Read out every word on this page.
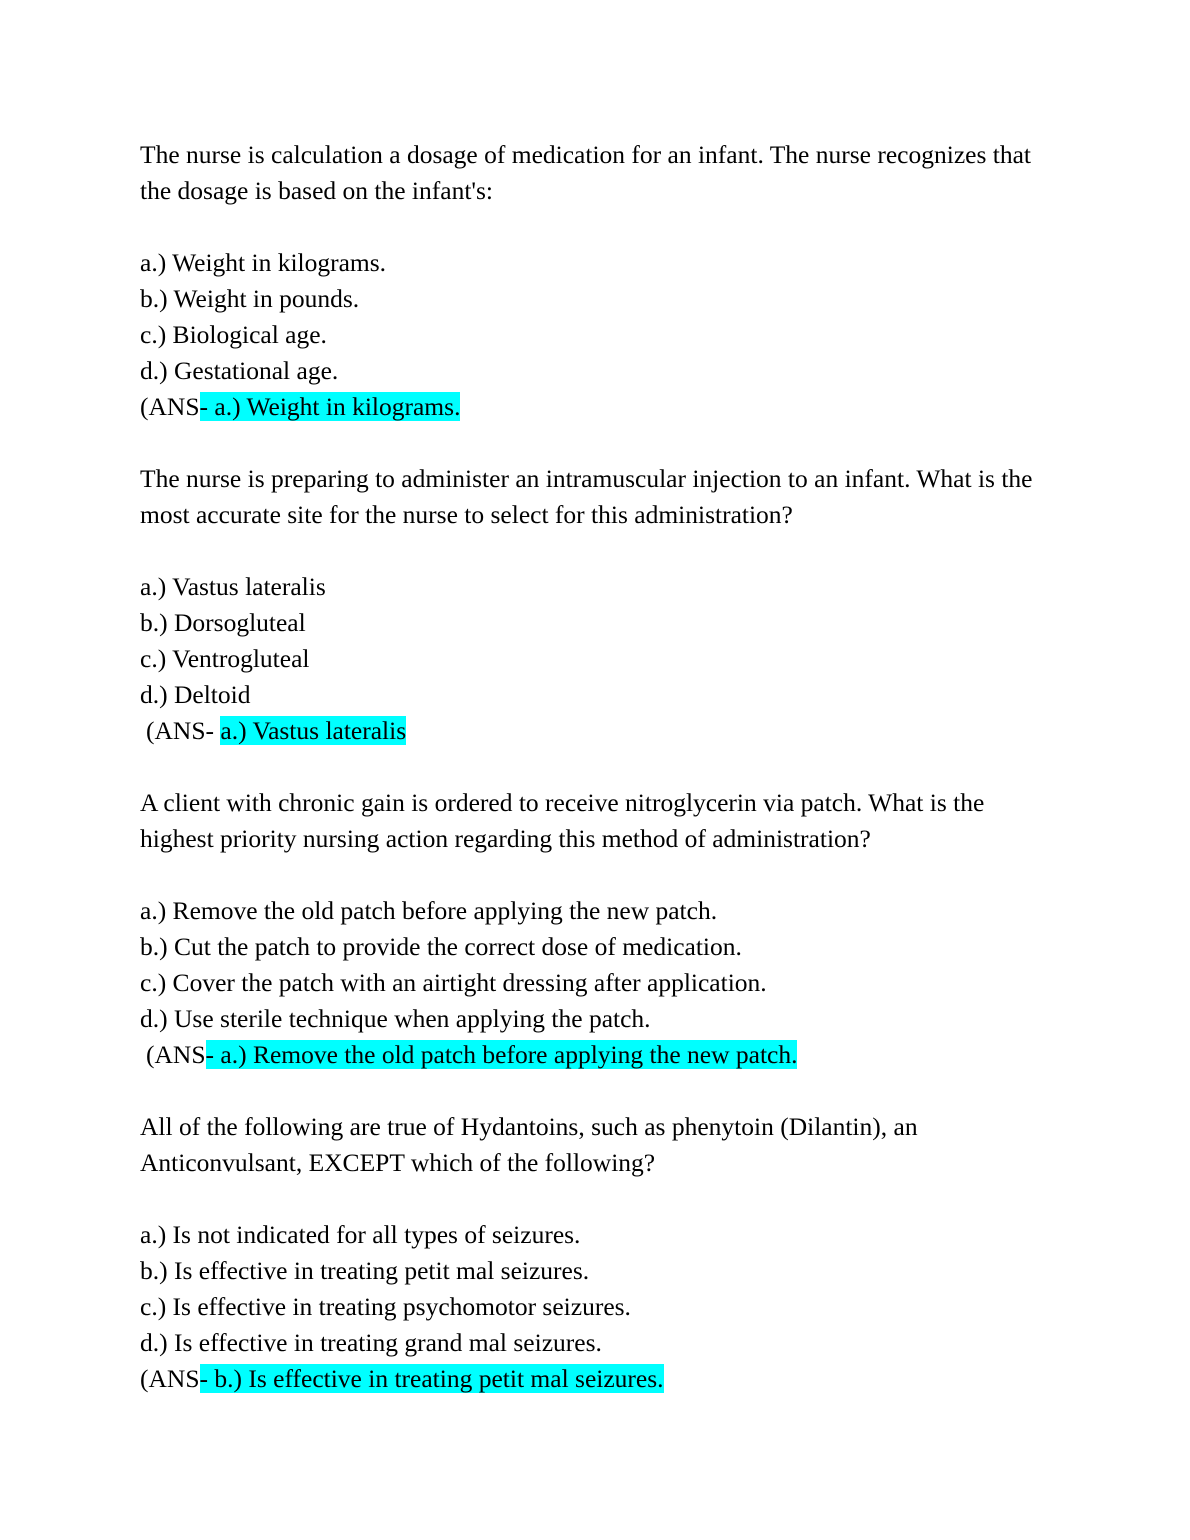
The nurse is calculation a dosage of medication for an infant. The nurse recognizes that the dosage is based on the infant's:

a.) Weight in kilograms.

b.) Weight in pounds.

c.) Biological age.

d.) Gestational age.

(ANS- a.) Weight in kilograms.

The nurse is preparing to administer an intramuscular injection to an infant. What is the most accurate site for the nurse to select for this administration?

a.) Vastus lateralis

b.) Dorsogluteal

c.) Ventrogluteal

d.) Deltoid

(ANS- a.) Vastus lateralis

A client with chronic gain is ordered to receive nitroglycerin via patch. What is the highest priority nursing action regarding this method of administration?

a.) Remove the old patch before applying the new patch.

b.) Cut the patch to provide the correct dose of medication.

c.) Cover the patch with an airtight dressing after application.

d.) Use sterile technique when applying the patch.

(ANS- a.) Remove the old patch before applying the new patch.

All of the following are true of Hydantoins, such as phenytoin (Dilantin), an Anticonvulsant, EXCEPT which of the following?

a.) Is not indicated for all types of seizures.

b.) Is effective in treating petit mal seizures.

c.) Is effective in treating psychomotor seizures.

d.) Is effective in treating grand mal seizures.

(ANS- b.) Is effective in treating petit mal seizures.
